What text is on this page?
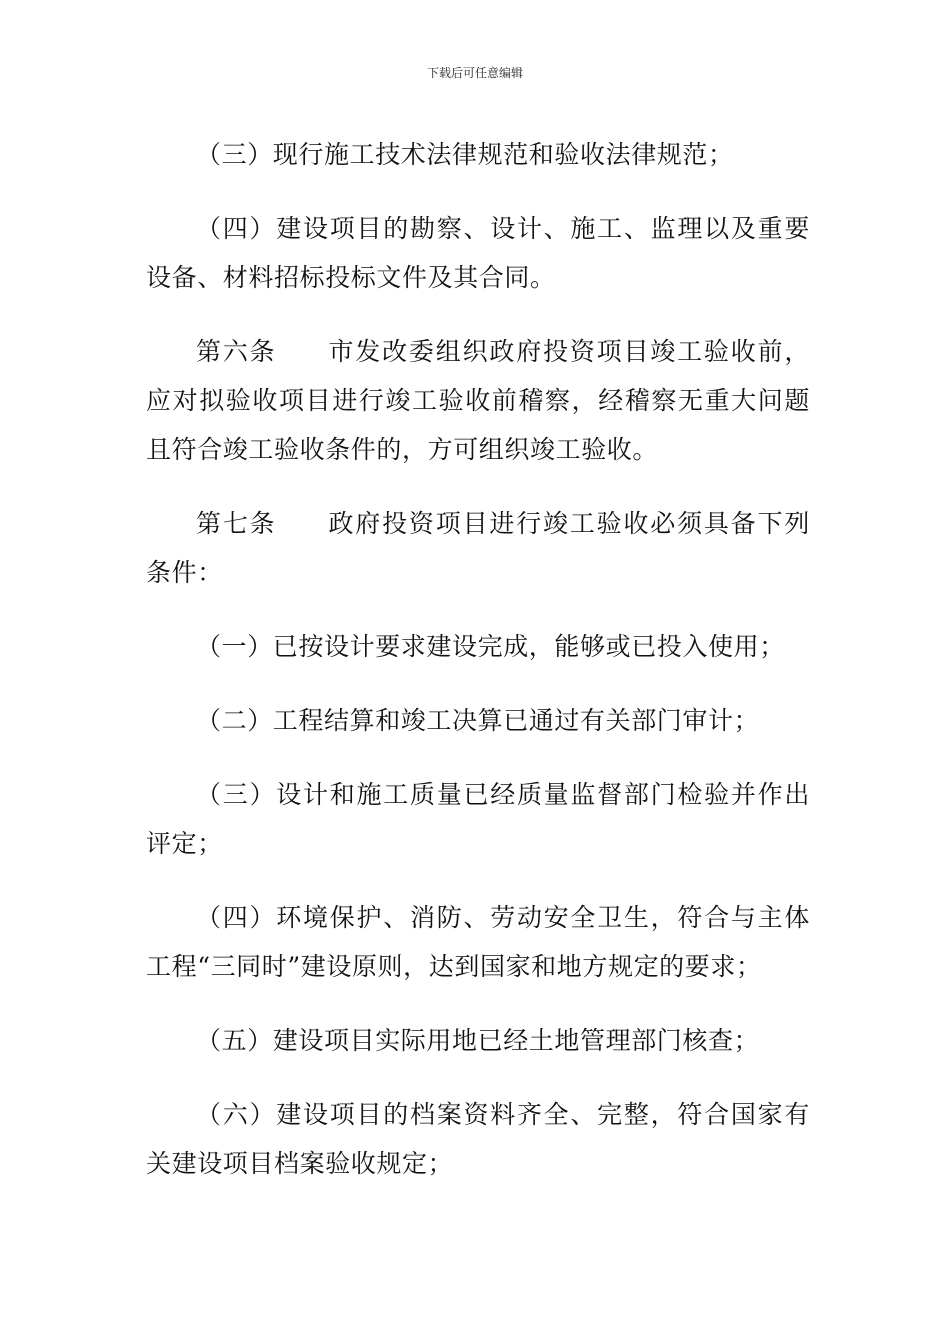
下载后可任意编辑

（三）现行施工技术法律规范和验收法律规范；

（四）建设项目的勘察、设计、施工、监理以及重要设备、材料招标投标文件及其合同。

第六条 市发改委组织政府投资项目竣工验收前，应对拟验收项目进行竣工验收前稽察，经稽察无重大问题且符合竣工验收条件的，方可组织竣工验收。

第七条 政府投资项目进行竣工验收必须具备下列条件：

（一）已按设计要求建设完成，能够或已投入使用；

（二）工程结算和竣工决算已通过有关部门审计；

（三）设计和施工质量已经质量监督部门检验并作出评定；

（四）环境保护、消防、劳动安全卫生，符合与主体工程“三同时”建设原则，达到国家和地方规定的要求；

（五）建设项目实际用地已经土地管理部门核查；

（六）建设项目的档案资料齐全、完整，符合国家有关建设项目档案验收规定；
